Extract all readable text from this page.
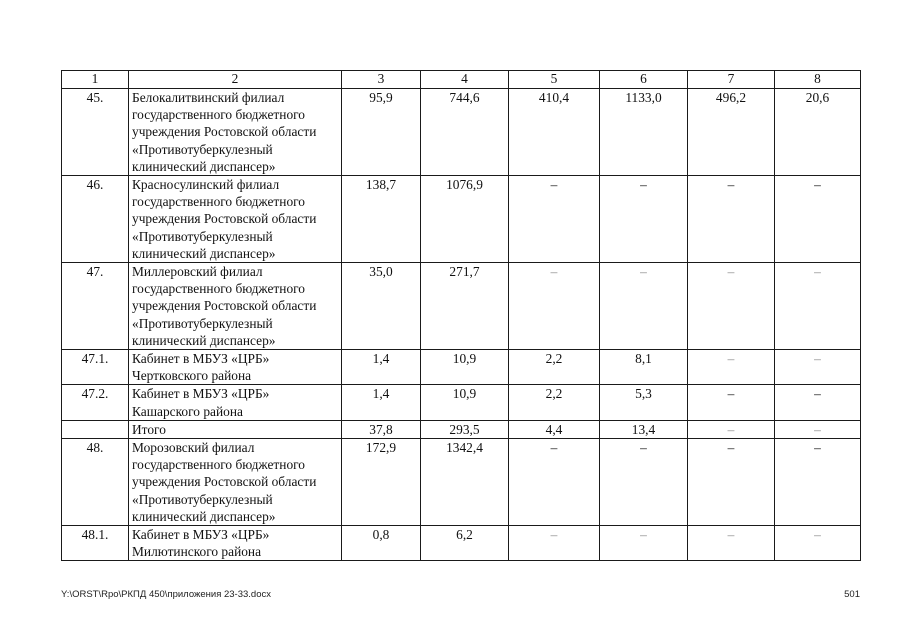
1	2	3	4	5	6	7	8
45.	Белокалитвинский филиал
государственного бюджетного
учреждения Ростовской области
«Противотуберкулезный
клинический диспансер»	95,9	744,6	410,4	1133,0	496,2	20,6
46.	Красносулинский филиал
государственного бюджетного
учреждения Ростовской области
«Противотуберкулезный
клинический диспансер»	138,7	1076,9	–	–	–	–
47.	Миллеровский филиал
государственного бюджетного
учреждения Ростовской области
«Противотуберкулезный
клинический диспансер»	35,0	271,7	–	–	–	–
47.1.	Кабинет в МБУЗ «ЦРБ»
Чертковского района	1,4	10,9	2,2	8,1	–	–
47.2.	Кабинет в МБУЗ «ЦРБ»
Кашарского района	1,4	10,9	2,2	5,3	–	–

	Итого	37,8	293,5	4,4	13,4	–	–
48.	Морозовский филиал
государственного бюджетного
учреждения Ростовской области
«Противотуберкулезный
клинический диспансер»	172,9	1342,4	–	–	–	–
48.1.	Кабинет в МБУЗ «ЦРБ»
Милютинского района	0,8	6,2	–	–	–	–
Y:\ORST\Rpo\РКПД 450\приложения 23-33.docx	501
